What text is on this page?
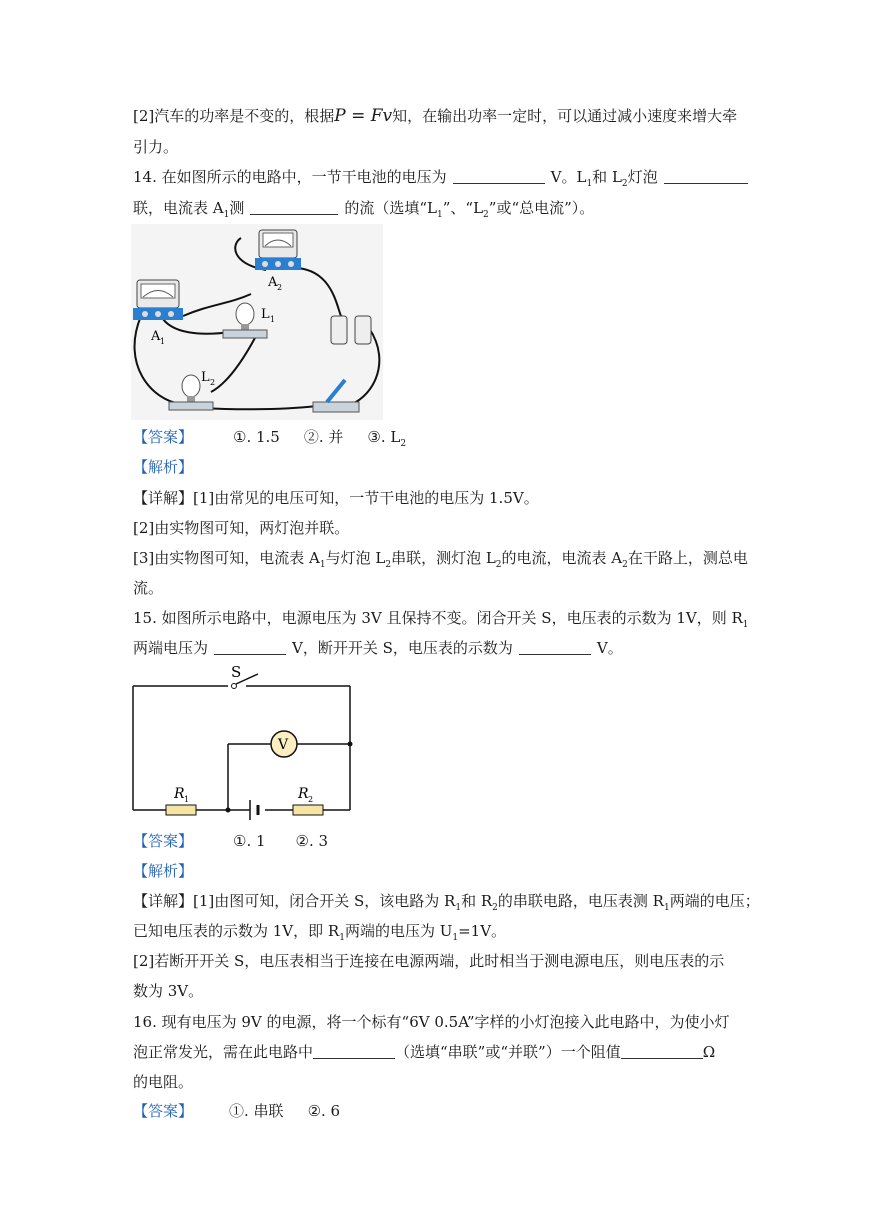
[2]汽车的功率是不变的，根据P = Fv知，在输出功率一定时，可以通过减小速度来增大牵
引力。
14. 在如图所示的电路中，一节干电池的电压为	V。$L_1$和 $L_2$灯泡
联，电流表 $A_1$测	的流（选填“$L_1$”、“$L_2$”或“总电流”）。
A 2
A 1
L 1
L 2
【答案】	①. 1.5 ②. 并 ③. $L_2$
【解析】
【详解】[1]由常见的电压可知，一节干电池的电压为 1.5V。
[2]由实物图可知，两灯泡并联。
[3]由实物图可知，电流表 $A_1$与灯泡 $L_2$串联，测灯泡 $L_2$的电流，电流表 $A_2$在干路上，测总电
流。
15. 如图所示电路中，电源电压为 3V 且保持不变。闭合开关 S，电压表的示数为 1V，则 $R_1$
两端电压为	V，断开开关 S，电压表的示数为	V。
S
V
R 1	R 2
【答案】	①. 1 ②. 3
【解析】
【详解】[1]由图可知，闭合开关 S，该电路为 $R_1$和 $R_2$的串联电路，电压表测 $R_1$两端的电压；
已知电压表的示数为 1V，即 $R_1$两端的电压为 $U_1=1V$。
[2]若断开开关 S，电压表相当于连接在电源两端，此时相当于测电源电压，则电压表的示
数为 3V。
16. 现有电压为 9V 的电源，将一个标有“6V 0.5A”字样的小灯泡接入此电路中，为使小灯
泡正常发光，需在此电路中	（选填“串联”或“并联”）一个阻值	Ω
的电阻。
【答案】 ①. 串联 ②. 6
